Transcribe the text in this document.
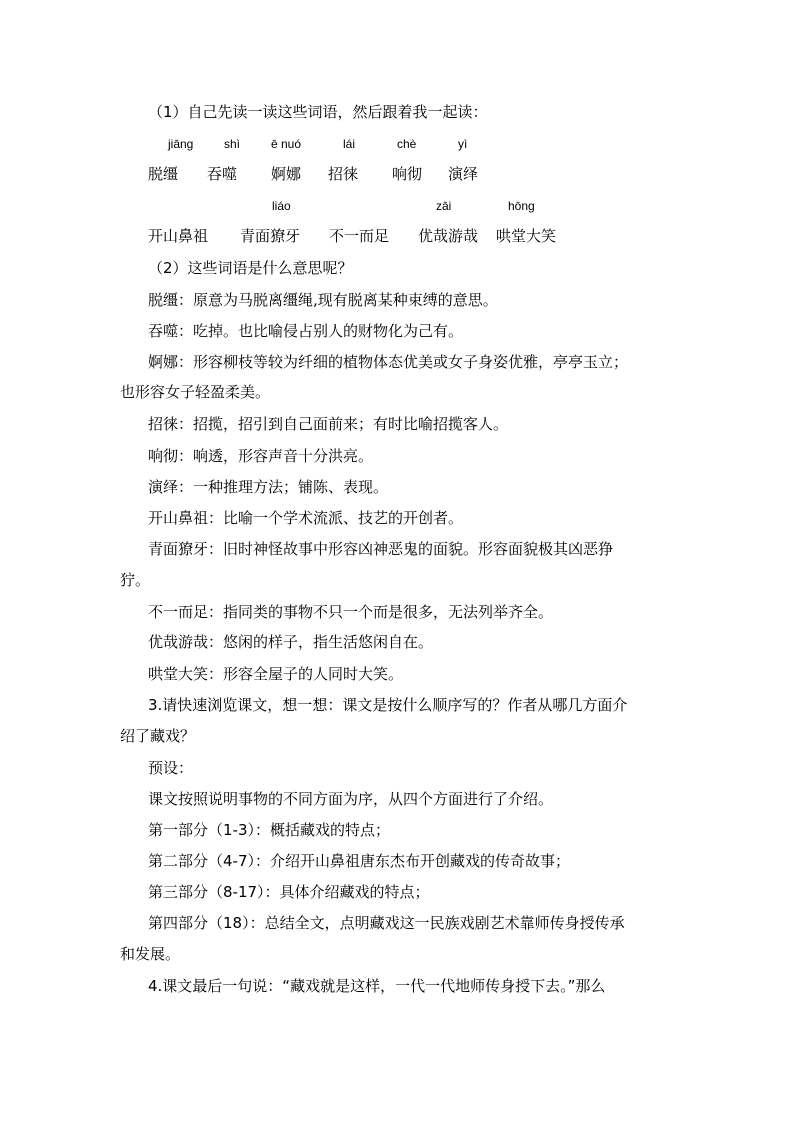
（1）自己先读一读这些词语，然后跟着我一起读：
jiāng	shì	ē nuó	lái	chè	yì
脱缰 吞噬 婀娜 招徕 响彻 演绎
liáo	zāi	hōng
开山鼻祖 青面獠牙 不一而足 优哉游哉 哄堂大笑
（2）这些词语是什么意思呢？
脱缰：原意为马脱离缰绳,现有脱离某种束缚的意思。
吞噬：吃掉。也比喻侵占别人的财物化为己有。
婀娜：形容柳枝等较为纤细的植物体态优美或女子身姿优雅，亭亭玉立；
也形容女子轻盈柔美。
招徕：招揽，招引到自己面前来；有时比喻招揽客人。
响彻：响透，形容声音十分洪亮。
演绎：一种推理方法；铺陈、表现。
开山鼻祖：比喻一个学术流派、技艺的开创者。
青面獠牙：旧时神怪故事中形容凶神恶鬼的面貌。形容面貌极其凶恶狰
狞。
不一而足：指同类的事物不只一个而是很多，无法列举齐全。
优哉游哉：悠闲的样子，指生活悠闲自在。
哄堂大笑：形容全屋子的人同时大笑。
3.请快速浏览课文，想一想：课文是按什么顺序写的？作者从哪几方面介
绍了藏戏？
预设：
课文按照说明事物的不同方面为序，从四个方面进行了介绍。
第一部分（1-3）：概括藏戏的特点；
第二部分（4-7）：介绍开山鼻祖唐东杰布开创藏戏的传奇故事；
第三部分（8-17）：具体介绍藏戏的特点；
第四部分（18）：总结全文，点明藏戏这一民族戏剧艺术靠师传身授传承
和发展。
4.课文最后一句说：“藏戏就是这样，一代一代地师传身授下去。”那么
